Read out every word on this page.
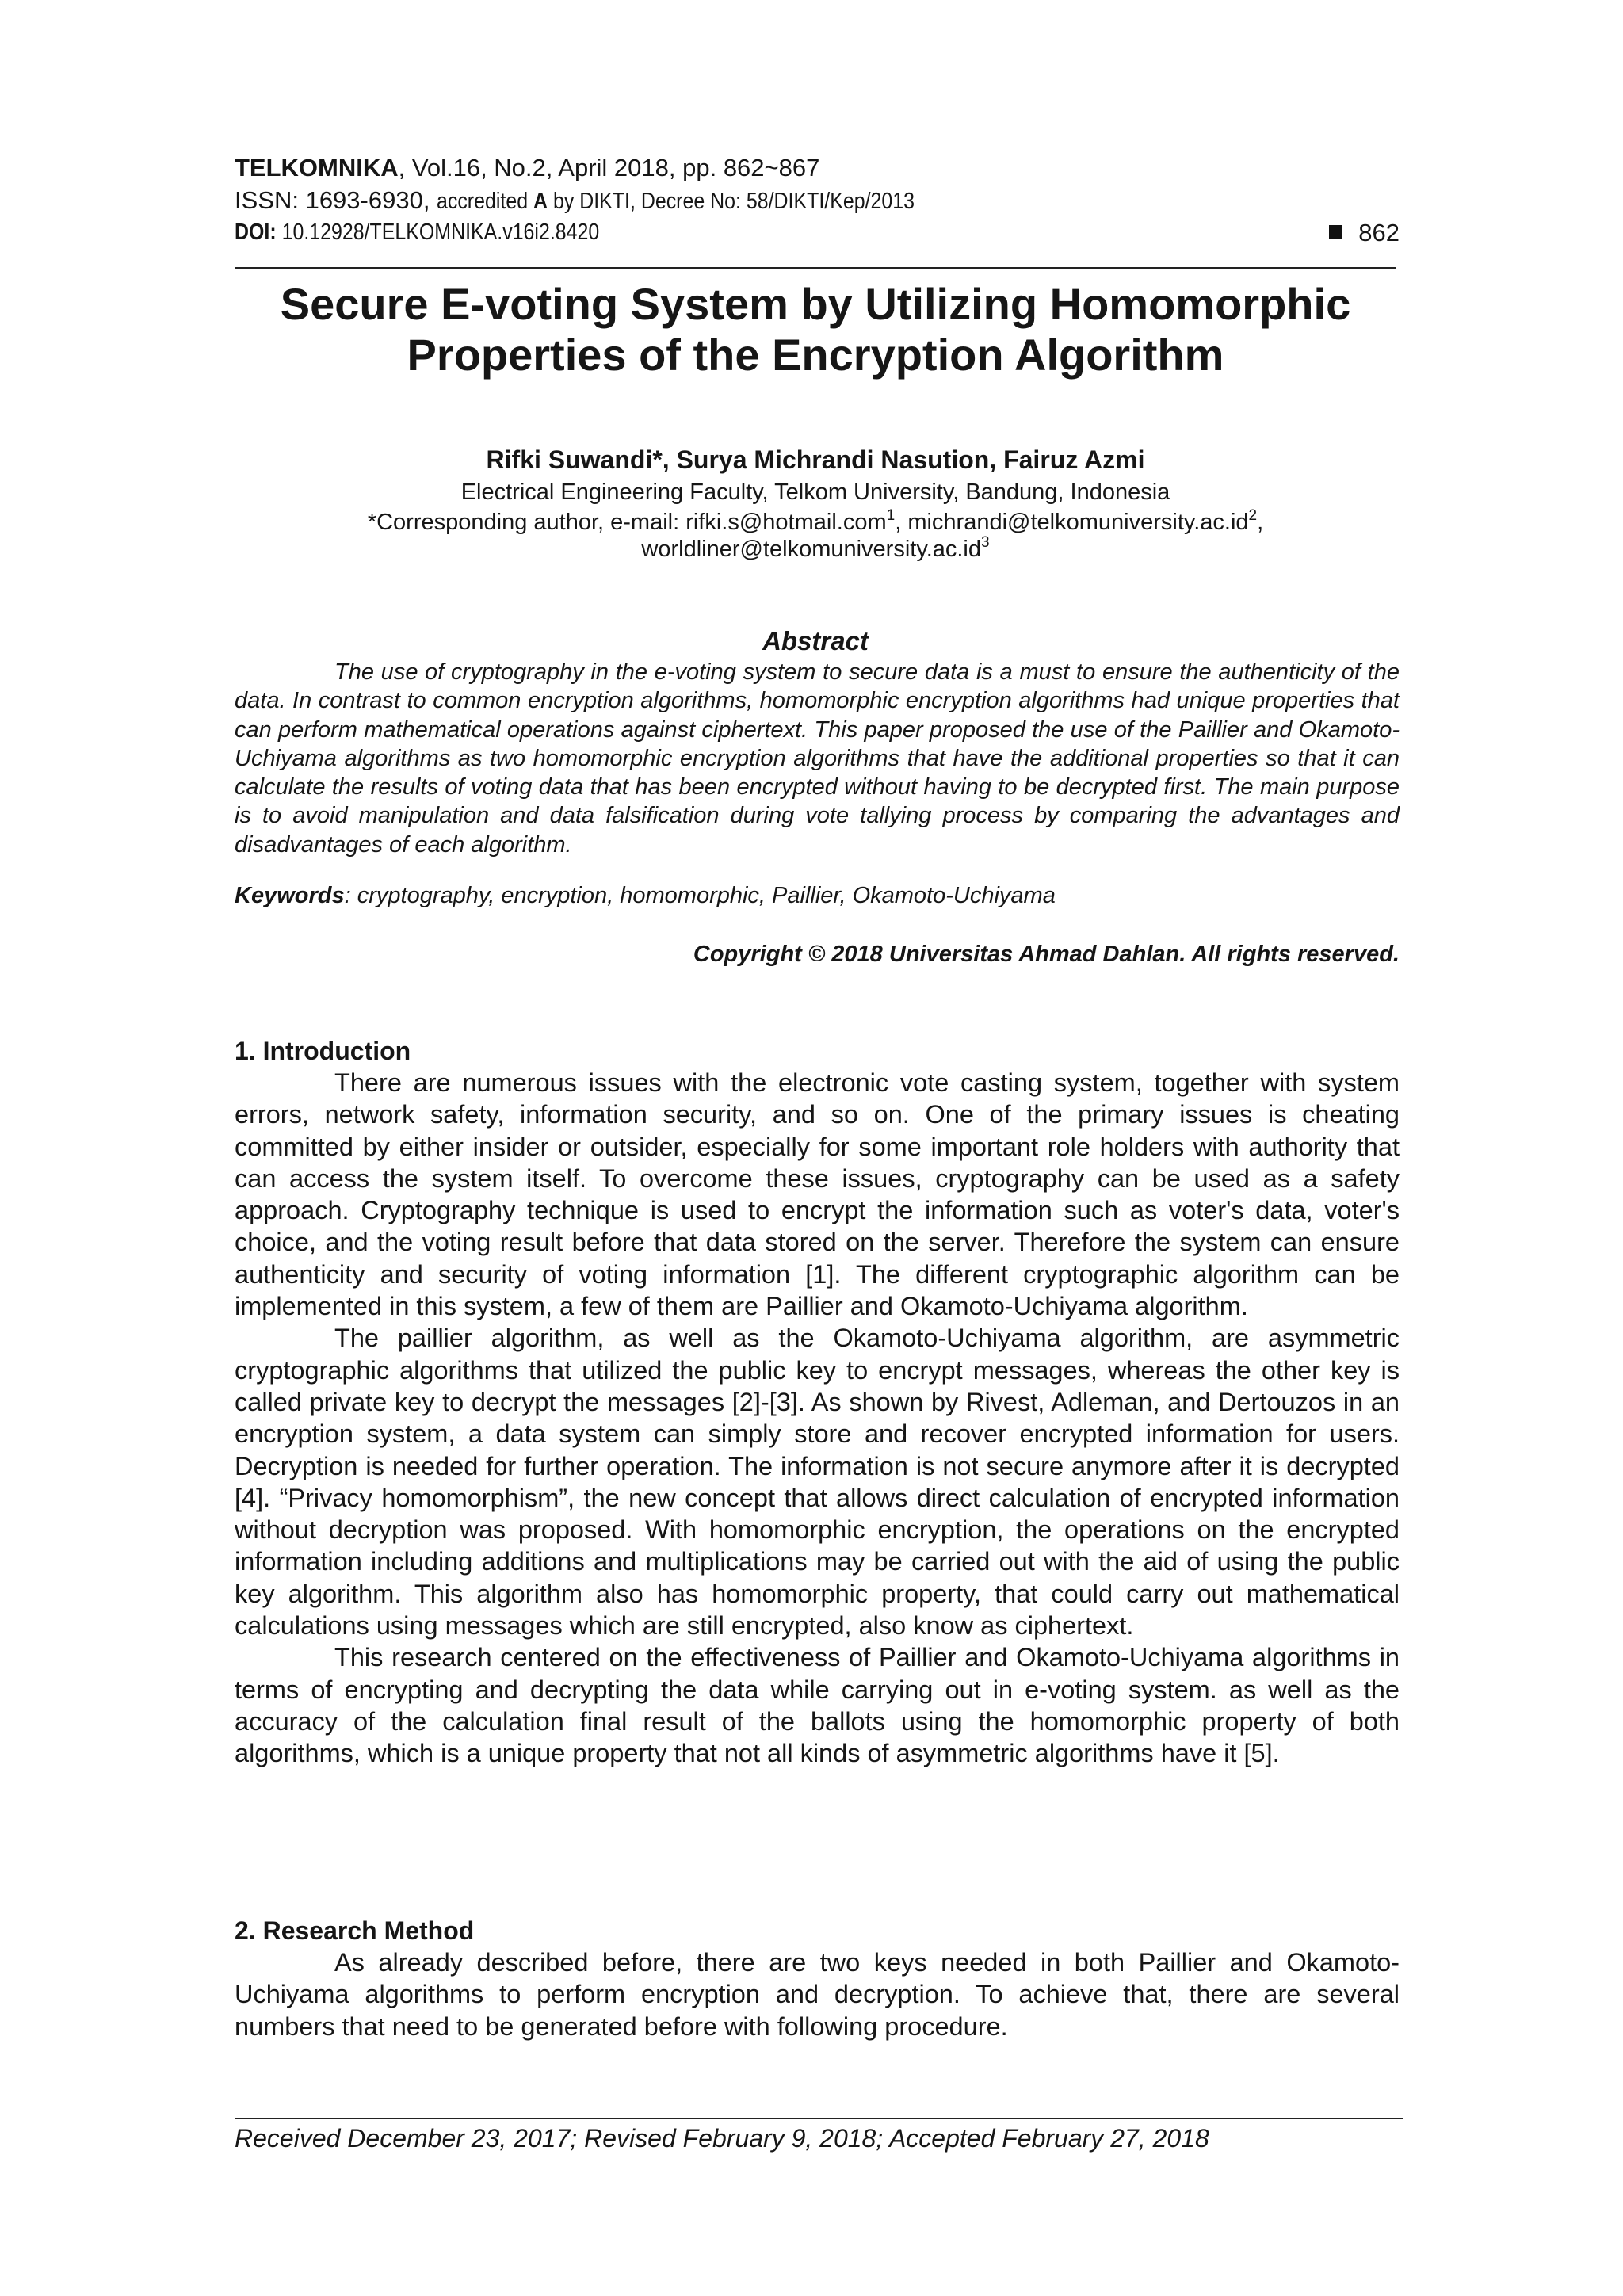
TELKOMNIKA, Vol.16, No.2, April 2018, pp. 862~867
ISSN: 1693-6930, accredited A by DIKTI, Decree No: 58/DIKTI/Kep/2013
DOI: 10.12928/TELKOMNIKA.v16i2.8420	862
Secure E-voting System by Utilizing Homomorphic
Properties of the Encryption Algorithm
Rifki Suwandi*, Surya Michrandi Nasution, Fairuz Azmi
Electrical Engineering Faculty, Telkom University, Bandung, Indonesia
*Corresponding author, e-mail: rifki.s@hotmail.com$^1$, $michrandi@telkomuniversity.ac.id^2$,
$worldliner@telkomuniversity.ac.id^3$
Abstract

The use of cryptography in the e-voting system to secure data is a must to ensure the authenticity of the data. In contrast to common encryption algorithms, homomorphic encryption algorithms had unique properties that can perform mathematical operations against ciphertext. This paper proposed the use of the Paillier and Okamoto-Uchiyama algorithms as two homomorphic encryption algorithms that have the additional properties so that it can calculate the results of voting data that has been encrypted without having to be decrypted first. The main purpose is to avoid manipulation and data falsification during vote tallying process by comparing the advantages and disadvantages of each algorithm.

Keywords: cryptography, encryption, homomorphic, Paillier, Okamoto-Uchiyama
Copyright © 2018 Universitas Ahmad Dahlan. All rights reserved.
1. Introduction

There are numerous issues with the electronic vote casting system, together with system errors, network safety, information security, and so on. One of the primary issues is cheating committed by either insider or outsider, especially for some important role holders with authority that can access the system itself. To overcome these issues, cryptography can be used as a safety approach. Cryptography technique is used to encrypt the information such as voter's data, voter's choice, and the voting result before that data stored on the server. Therefore the system can ensure authenticity and security of voting information [1]. The different cryptographic algorithm can be implemented in this system, a few of them are Paillier and Okamoto-Uchiyama algorithm.

The paillier algorithm, as well as the Okamoto-Uchiyama algorithm, are asymmetric cryptographic algorithms that utilized the public key to encrypt messages, whereas the other key is called private key to decrypt the messages [2]-[3]. As shown by Rivest, Adleman, and Dertouzos in an encryption system, a data system can simply store and recover encrypted information for users. Decryption is needed for further operation. The information is not secure anymore after it is decrypted [4]. “Privacy homomorphism”, the new concept that allows direct calculation of encrypted information without decryption was proposed. With homomorphic encryption, the operations on the encrypted information including additions and multiplications may be carried out with the aid of using the public key algorithm. This algorithm also has homomorphic property, that could carry out mathematical calculations using messages which are still encrypted, also know as ciphertext.

This research centered on the effectiveness of Paillier and Okamoto-Uchiyama algorithms in terms of encrypting and decrypting the data while carrying out in e-voting system. as well as the accuracy of the calculation final result of the ballots using the homomorphic property of both algorithms, which is a unique property that not all kinds of asymmetric algorithms have it [5].

2. Research Method

As already described before, there are two keys needed in both Paillier and Okamoto-Uchiyama algorithms to perform encryption and decryption. To achieve that, there are several numbers that need to be generated before with following procedure.

Received December 23, 2017; Revised February 9, 2018; Accepted February 27, 2018
